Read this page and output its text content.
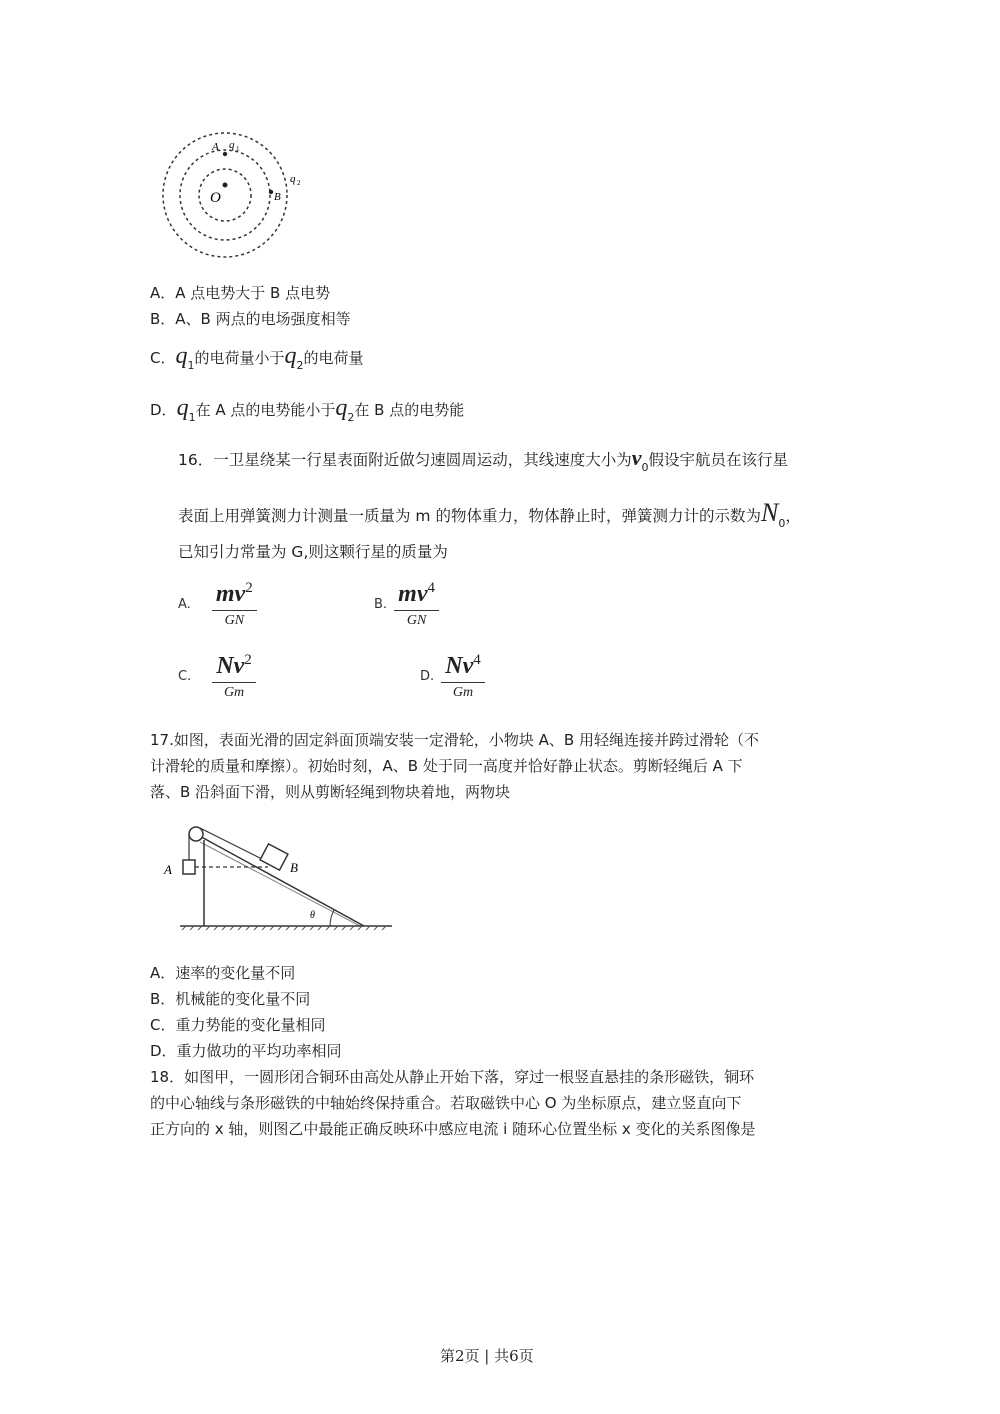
A q 1
q 2
O	B
A．A 点电势大于 B 点电势
B．A、B 两点的电场强度相等
C．$q_1$的电荷量小于$q_2$的电荷量
D．$q_1$在 A 点的电势能小于$q_2$在 B 点的电势能
16．一卫星绕某一行星表面附近做匀速圆周运动，其线速度大小为$v_0$假设宇航员在该行星
表面上用弹簧测力计测量一质量为 m 的物体重力，物体静止时，弹簧测力计的示数为$N_0$，
已知引力常量为 G,则这颗行星的质量为
A. $\frac{mv^2}{GN}$	B. $\frac{mv^4}{GN}$
C. $\frac{Nv^2}{Gm}$	D. $\frac{Nv^4}{Gm}$
17.如图，表面光滑的固定斜面顶端安装一定滑轮，小物块 A、B 用轻绳连接并跨过滑轮（不
计滑轮的质量和摩擦）。初始时刻，A、B 处于同一高度并恰好静止状态。剪断轻绳后 A 下
落、B 沿斜面下滑，则从剪断轻绳到物块着地，两物块
A	B
θ
A．速率的变化量不同
B．机械能的变化量不同
C．重力势能的变化量相同
D．重力做功的平均功率相同
18．如图甲，一圆形闭合铜环由高处从静止开始下落，穿过一根竖直悬挂的条形磁铁，铜环
的中心轴线与条形磁铁的中轴始终保持重合。若取磁铁中心 O 为坐标原点，建立竖直向下
正方向的 x 轴，则图乙中最能正确反映环中感应电流 i 随环心位置坐标 x 变化的关系图像是
第2页 | 共6页
